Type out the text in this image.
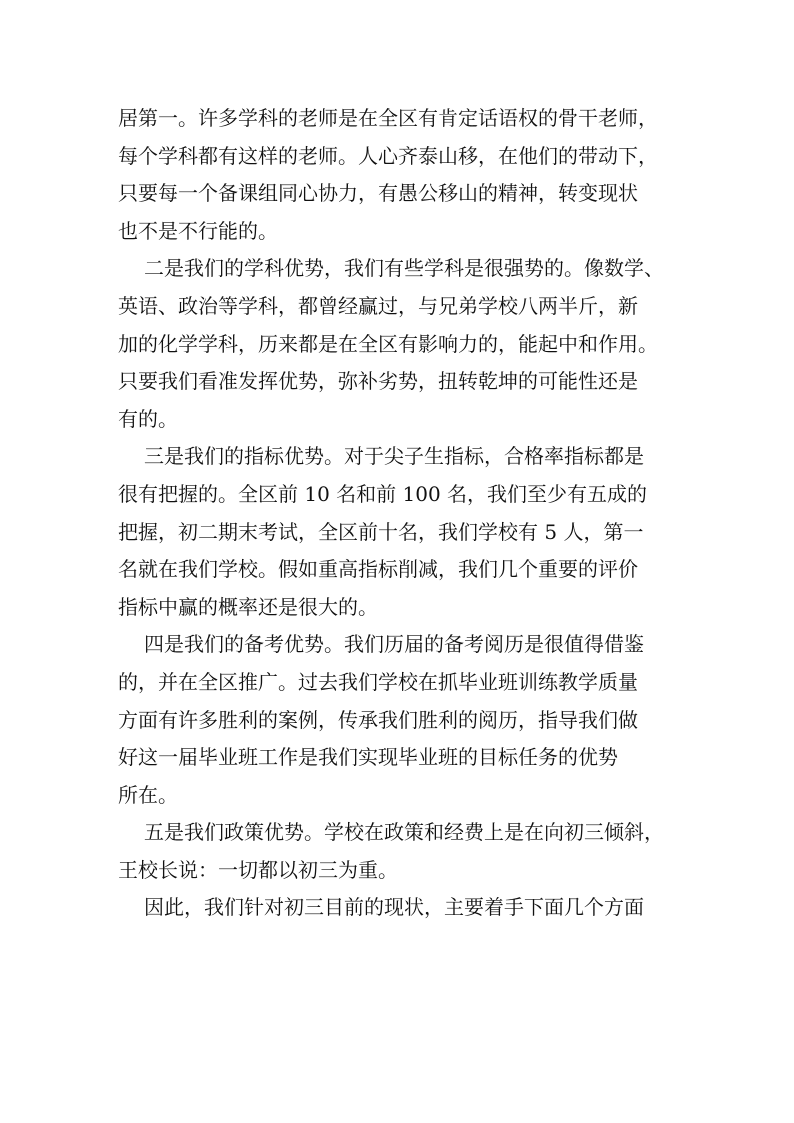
居第一。许多学科的老师是在全区有肯定话语权的骨干老师，
每个学科都有这样的老师。人心齐泰山移，在他们的带动下，
只要每一个备课组同心协力，有愚公移山的精神，转变现状
也不是不行能的。
二是我们的学科优势，我们有些学科是很强势的。像数学、
英语、政治等学科，都曾经赢过，与兄弟学校八两半斤，新
加的化学学科，历来都是在全区有影响力的，能起中和作用。
只要我们看准发挥优势，弥补劣势，扭转乾坤的可能性还是
有的。
三是我们的指标优势。对于尖子生指标，合格率指标都是
很有把握的。全区前 10 名和前 100 名，我们至少有五成的
把握，初二期末考试，全区前十名，我们学校有 5 人，第一
名就在我们学校。假如重高指标削减，我们几个重要的评价
指标中赢的概率还是很大的。
四是我们的备考优势。我们历届的备考阅历是很值得借鉴
的，并在全区推广。过去我们学校在抓毕业班训练教学质量
方面有许多胜利的案例，传承我们胜利的阅历，指导我们做
好这一届毕业班工作是我们实现毕业班的目标任务的优势
所在。
五是我们政策优势。学校在政策和经费上是在向初三倾斜，
王校长说：一切都以初三为重。
因此，我们针对初三目前的现状，主要着手下面几个方面
